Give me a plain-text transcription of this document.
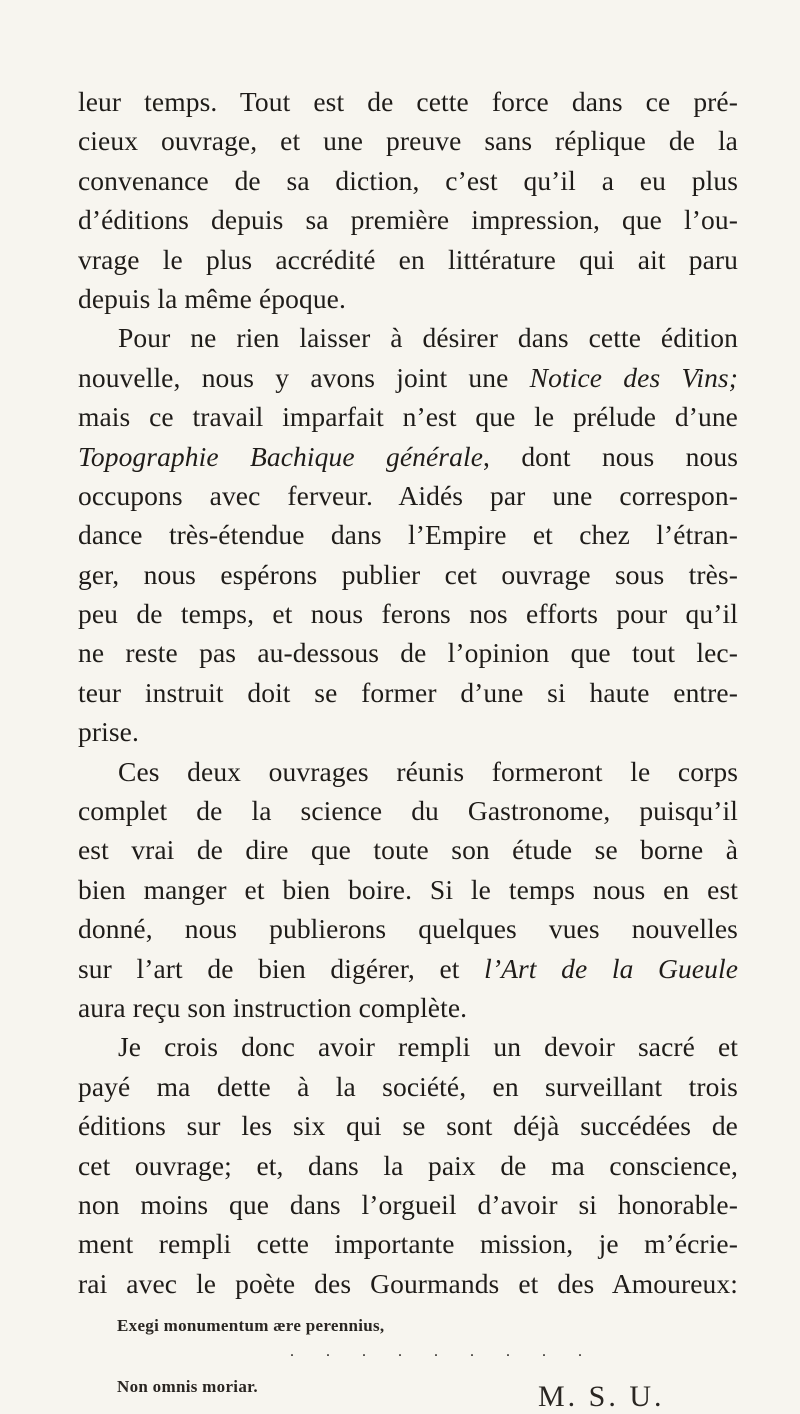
leur temps. Tout est de cette force dans ce pré-
cieux ouvrage, et une preuve sans réplique de la
convenance de sa diction, c’est qu’il a eu plus
d’éditions depuis sa première impression, que l’ou-
vrage le plus accrédité en littérature qui ait paru
depuis la même époque.
Pour ne rien laisser à désirer dans cette édition
nouvelle, nous y avons joint une Notice des Vins;
mais ce travail imparfait n’est que le prélude d’une
Topographie Bachique générale, dont nous nous
occupons avec ferveur. Aidés par une correspon-
dance très-étendue dans l’Empire et chez l’étran-
ger, nous espérons publier cet ouvrage sous très-
peu de temps, et nous ferons nos efforts pour qu’il
ne reste pas au-dessous de l’opinion que tout lec-
teur instruit doit se former d’une si haute entre-
prise.
Ces deux ouvrages réunis formeront le corps
complet de la science du Gastronome, puisqu’il
est vrai de dire que toute son étude se borne à
bien manger et bien boire. Si le temps nous en est
donné, nous publierons quelques vues nouvelles
sur l’art de bien digérer, et l’Art de la Gueule
aura reçu son instruction complète.
Je crois donc avoir rempli un devoir sacré et
payé ma dette à la société, en surveillant trois
éditions sur les six qui se sont déjà succédées de
cet ouvrage; et, dans la paix de ma conscience,
non moins que dans l’orgueil d’avoir si honorable-
ment rempli cette importante mission, je m’écrie-
rai avec le poète des Gourmands et des Amoureux:
Exegi monumentum ære perennius,
. . . . . . . . .
Non omnis moriar.	M. S. U.
